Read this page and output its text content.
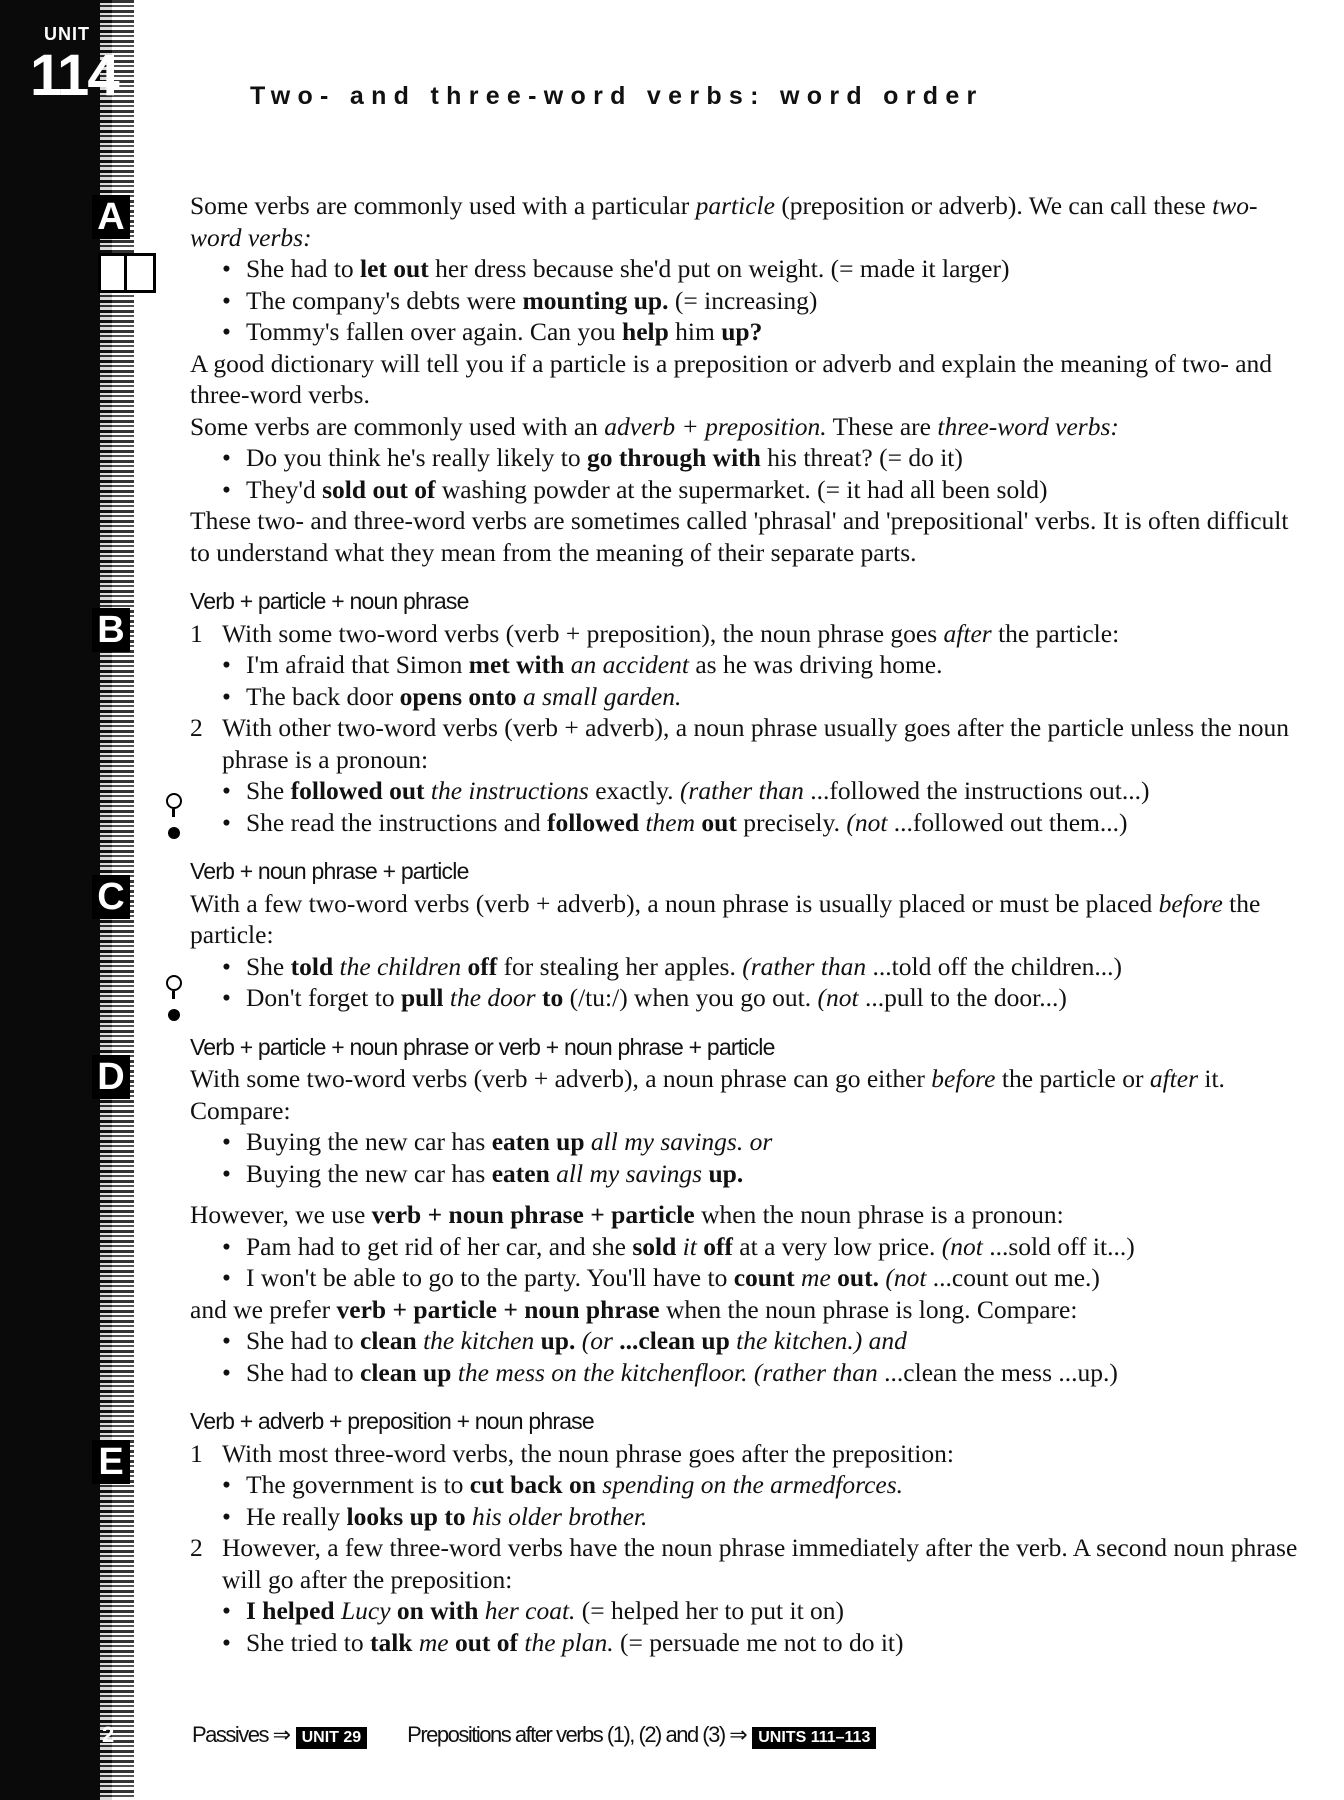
UNIT
114
A
B
C
D
E
Two- and three-word verbs: word order

Some verbs are commonly used with a particular particle (preposition or adverb). We can call these two-word verbs:

• She had to let out her dress because she'd put on weight. (= made it larger)
• The company's debts were mounting up. (= increasing)
• Tommy's fallen over again. Can you help him up?

A good dictionary will tell you if a particle is a preposition or adverb and explain the meaning of two- and three-word verbs.

Some verbs are commonly used with an adverb + preposition. These are three-word verbs:

• Do you think he's really likely to go through with his threat? (= do it)
• They'd sold out of washing powder at the supermarket. (= it had all been sold)

These two- and three-word verbs are sometimes called 'phrasal' and 'prepositional' verbs. It is often difficult to understand what they mean from the meaning of their separate parts.

Verb + particle + noun phrase
1 With some two-word verbs (verb + preposition), the noun phrase goes after the particle:
• I'm afraid that Simon met with an accident as he was driving home.
• The back door opens onto a small garden.
2 With other two-word verbs (verb + adverb), a noun phrase usually goes after the particle unless the noun phrase is a pronoun:
• She followed out the instructions exactly. (rather than ...followed the instructions out...)
• She read the instructions and followed them out precisely. (not ...followed out them...)
Verb + noun phrase + particle

With a few two-word verbs (verb + adverb), a noun phrase is usually placed or must be placed before the particle:

• She told the children off for stealing her apples. (rather than ...told off the children...)
• Don't forget to pull the door to (/tu:/) when you go out. (not ...pull to the door...)
Verb + particle + noun phrase or verb + noun phrase + particle

With some two-word verbs (verb + adverb), a noun phrase can go either before the particle or after it. Compare:

• Buying the new car has eaten up all my savings. or
• Buying the new car has eaten all my savings up.

However, we use verb + noun phrase + particle when the noun phrase is a pronoun:

• Pam had to get rid of her car, and she sold it off at a very low price. (not ...sold off it...)
• I won't be able to go to the party. You'll have to count me out. (not ...count out me.)

and we prefer verb + particle + noun phrase when the noun phrase is long. Compare:

• She had to clean the kitchen up. (or ...clean up the kitchen.) and
• She had to clean up the mess on the kitchenfloor. (rather than ...clean the mess ...up.)
Verb + adverb + preposition + noun phrase
1 With most three-word verbs, the noun phrase goes after the preposition:
• The government is to cut back on spending on the armedforces.
• He really looks up to his older brother.
2 However, a few three-word verbs have the noun phrase immediately after the verb. A second noun phrase will go after the preposition:
• I helped Lucy on with her coat. (= helped her to put it on)
• She tried to talk me out of the plan. (= persuade me not to do it)
2	Passives ⇒ UNIT 29 Prepositions after verbs (1), (2) and (3) ⇒ UNITS 111–113
